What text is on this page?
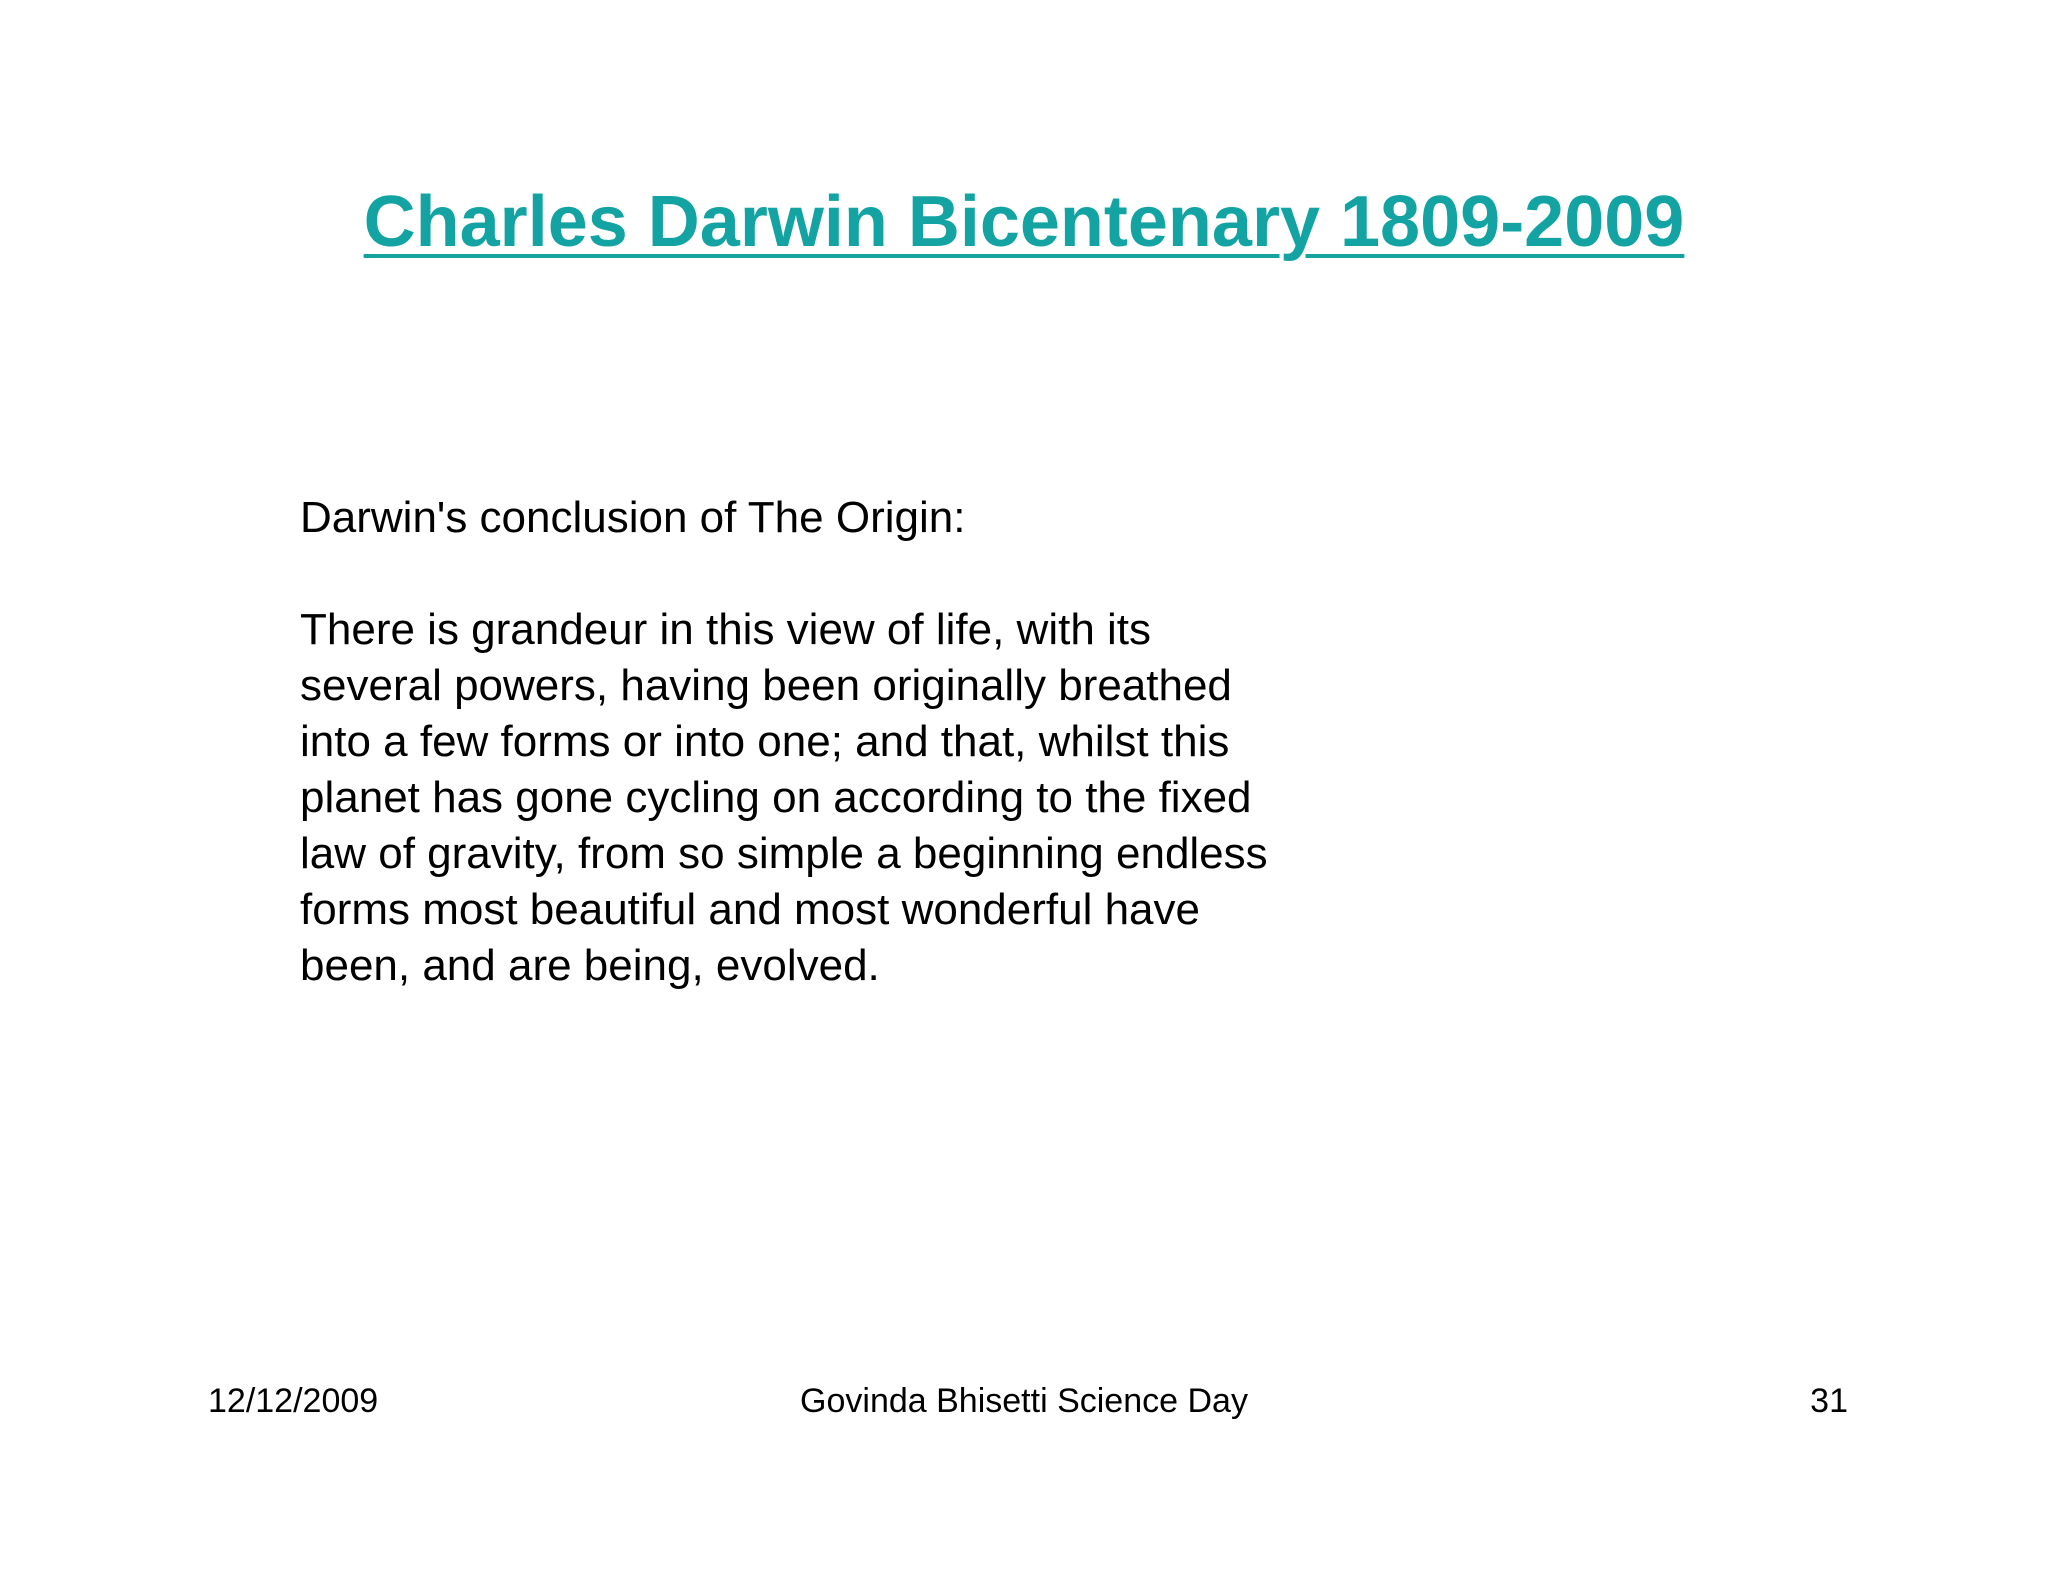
Charles Darwin Bicentenary 1809-2009

Darwin's conclusion of The Origin:

There is grandeur in this view of life, with its
several powers, having been originally breathed
into a few forms or into one; and that, whilst this
planet has gone cycling on according to the fixed
law of gravity, from so simple a beginning endless
forms most beautiful and most wonderful have
been, and are being, evolved.

12/12/2009	Govinda Bhisetti Science Day	31
